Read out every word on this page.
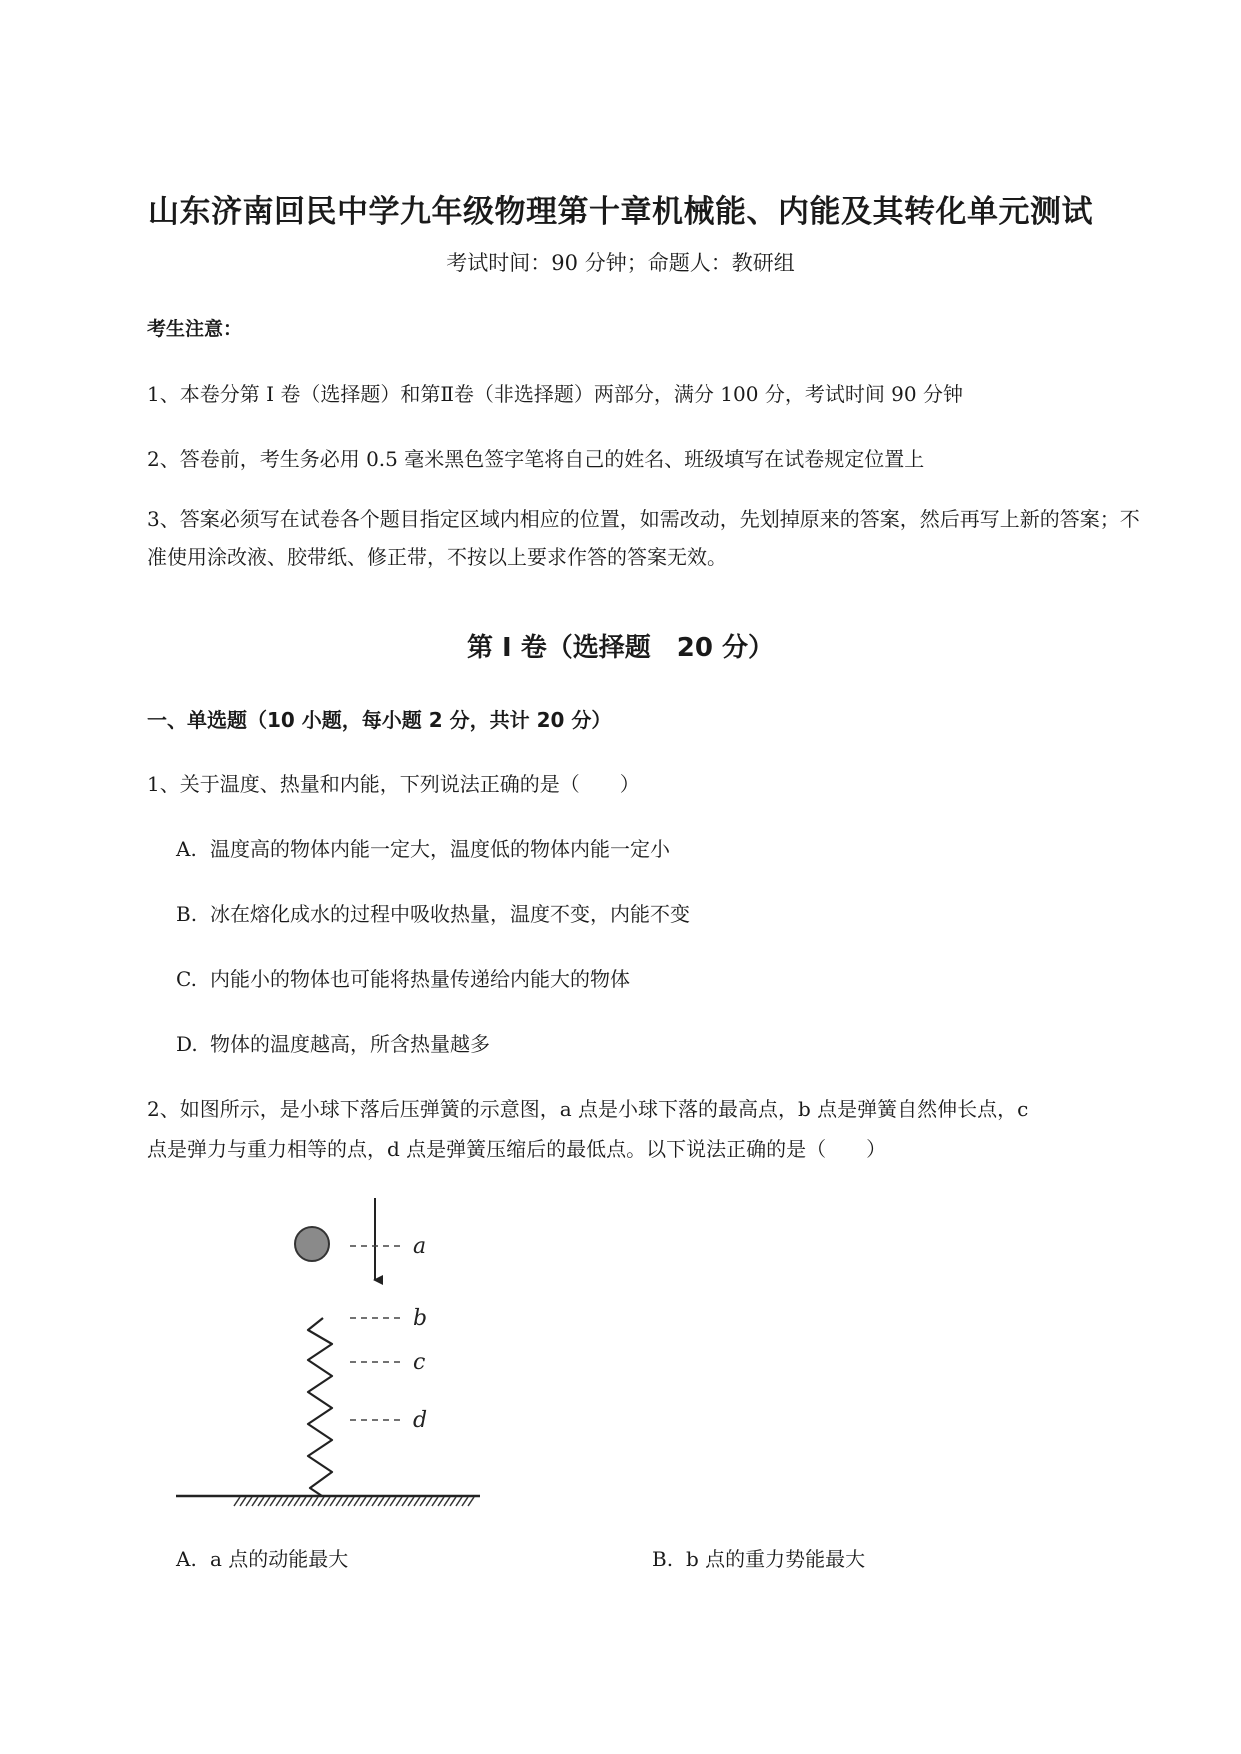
山东济南回民中学九年级物理第十章机械能、内能及其转化单元测试
考试时间：90 分钟；命题人：教研组
考生注意：
1、本卷分第 I 卷（选择题）和第Ⅱ卷（非选择题）两部分，满分 100 分，考试时间 90 分钟
2、答卷前，考生务必用 0.5 毫米黑色签字笔将自己的姓名、班级填写在试卷规定位置上
3、答案必须写在试卷各个题目指定区域内相应的位置，如需改动，先划掉原来的答案，然后再写上新的答案；不准使用涂改液、胶带纸、修正带，不按以上要求作答的答案无效。
第 I 卷（选择题　20 分）
一、单选题（10 小题，每小题 2 分，共计 20 分）
1、关于温度、热量和内能，下列说法正确的是（　　）
A. 温度高的物体内能一定大，温度低的物体内能一定小
B. 冰在熔化成水的过程中吸收热量，温度不变，内能不变
C. 内能小的物体也可能将热量传递给内能大的物体
D. 物体的温度越高，所含热量越多
2、如图所示，是小球下落后压弹簧的示意图，a 点是小球下落的最高点，b 点是弹簧自然伸长点，c
点是弹力与重力相等的点，d 点是弹簧压缩后的最低点。以下说法正确的是（　　）
a
b
c
d
A. a 点的动能最大	B. b 点的重力势能最大
